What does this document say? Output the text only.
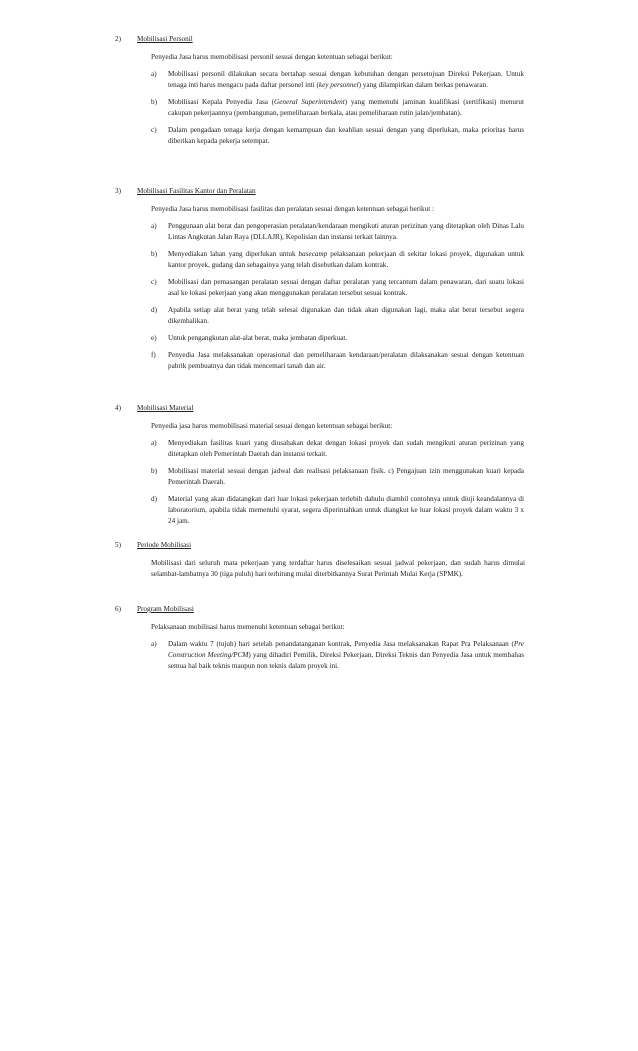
2) Mobilisasi Personil
Penyedia Jasa harus memobilisasi personil sesuai dengan ketentuan sebagai berikut:
a) Mobilisasi personil dilakukan secara bertahap sesuai dengan kebutuhan dengan persetujuan Direksi Pekerjaan. Untuk tenaga inti harus mengacu pada daftar personel inti (key personnel) yang dilampirkan dalam berkas penawaran.
b) Mobilisasi Kepala Penyedia Jasa (General Superintendent) yang memenuhi jaminan kualifikasi (sertifikasi) menurut cakupan pekerjaannya (pembangunan, pemeliharaan berkala, atau pemeliharaan rutin jalan/jembatan).
c) Dalam pengadaan tenaga kerja dengan kemampuan dan keahlian sesuai dengan yang diperlukan, maka prioritas harus diberikan kepada pekerja setempat.
3) Mobilisasi Fasilitas Kantor dan Peralatan
Penyedia Jasa harus memobilisasi fasilitas dan peralatan sesuai dengan ketentuan sebagai berikut :
a) Penggunaan alat berat dan pengoperasian peralatan/kendaraan mengikuti aturan perizinan yang ditetapkan oleh Dinas Lalu Lintas Angkutan Jalan Raya (DLLAJR), Kepolisian dan instansi terkait lainnya.
b) Menyediakan lahan yang diperlukan untuk basecamp pelaksanaan pekerjaan di sekitar lokasi proyek, digunakan untuk kantor proyek, gudang dan sebagainya yang telah disebutkan dalam kontrak.
c) Mobilisasi dan pemasangan peralatan sesuai dengan daftar peralatan yang tercantum dalam penawaran, dari suatu lokasi asal ke lokasi pekerjaan yang akan menggunakan peralatan tersebut sesuai kontrak.
d) Apabila setiap alat berat yang telah selesai digunakan dan tidak akan digunakan lagi, maka alat berat tersebut segera dikembalikan.
e) Untuk pengangkutan alat-alat berat, maka jembatan diperkuat.
f) Penyedia Jasa melaksanakan operasional dan pemeliharaan kendaraan/peralatan dilaksanakan sesuai dengan ketentuan pabrik pembuatnya dan tidak mencemari tanah dan air.
4) Mobilisasi Material
Penyedia jasa harus memobilisasi material sesuai dengan ketentuan sebagai berikut:
a) Menyediakan fasilitas kuari yang diusahakan dekat dengan lokasi proyek dan sudah mengikuti aturan perizinan yang ditetapkan oleh Pemerintah Daerah dan instansi terkait.
b) Mobilisasi material sesuai dengan jadwal dan realisasi pelaksanaan fisik. c) Pengajuan izin menggunakan kuari kepada Pemerintah Daerah.
d) Material yang akan didatangkan dari luar lokasi pekerjaan terlebih dahulu diambil contohnya untuk diuji keandalannya di laboratorium, apabila tidak memenuhi syarat, segera diperintahkan untuk diangkut ke luar lokasi proyek dalam waktu 3 x 24 jam.
5) Periode Mobilisasi
Mobilisasi dari seluruh mata pekerjaan yang terdaftar harus diselesaikan sesuai jadwal pekerjaan, dan sudah harus dimulai selambat-lambatnya 30 (tiga puluh) hari terhitung mulai diterbitkannya Surat Perintah Mulai Kerja (SPMK).
6) Program Mobilisasi
Pelaksanaan mobilisasi harus memenuhi ketentuan sebagai berikut:
a) Dalam waktu 7 (tujuh) hari setelah penandatanganan kontrak, Penyedia Jasa melaksanakan Rapat Pra Pelaksanaan (Pre Construction Meeting/PCM) yang dihadiri Pemilik, Direksi Pekerjaan, Direksi Teknis dan Penyedia Jasa untuk membahas semua hal baik teknis maupun non teknis dalam proyek ini.
